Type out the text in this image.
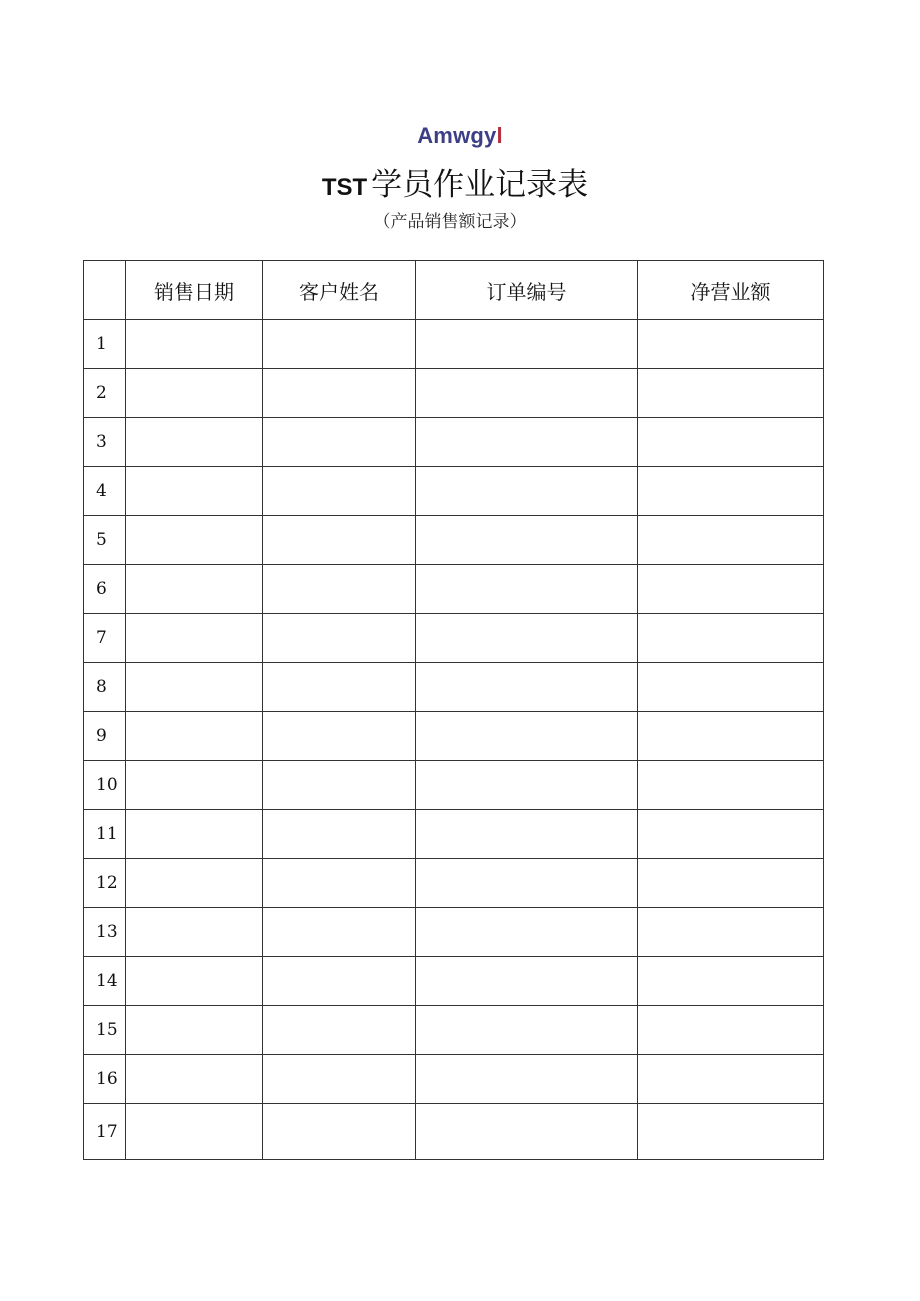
Amwgyl
TST 学员作业记录表
（产品销售额记录）
	销售日期	客户姓名	订单编号	净营业额
1				
2				
3				
4				
5				
6				
7				
8				
9				
10				
11				
12				
13				
14				
15				
16				
17				
